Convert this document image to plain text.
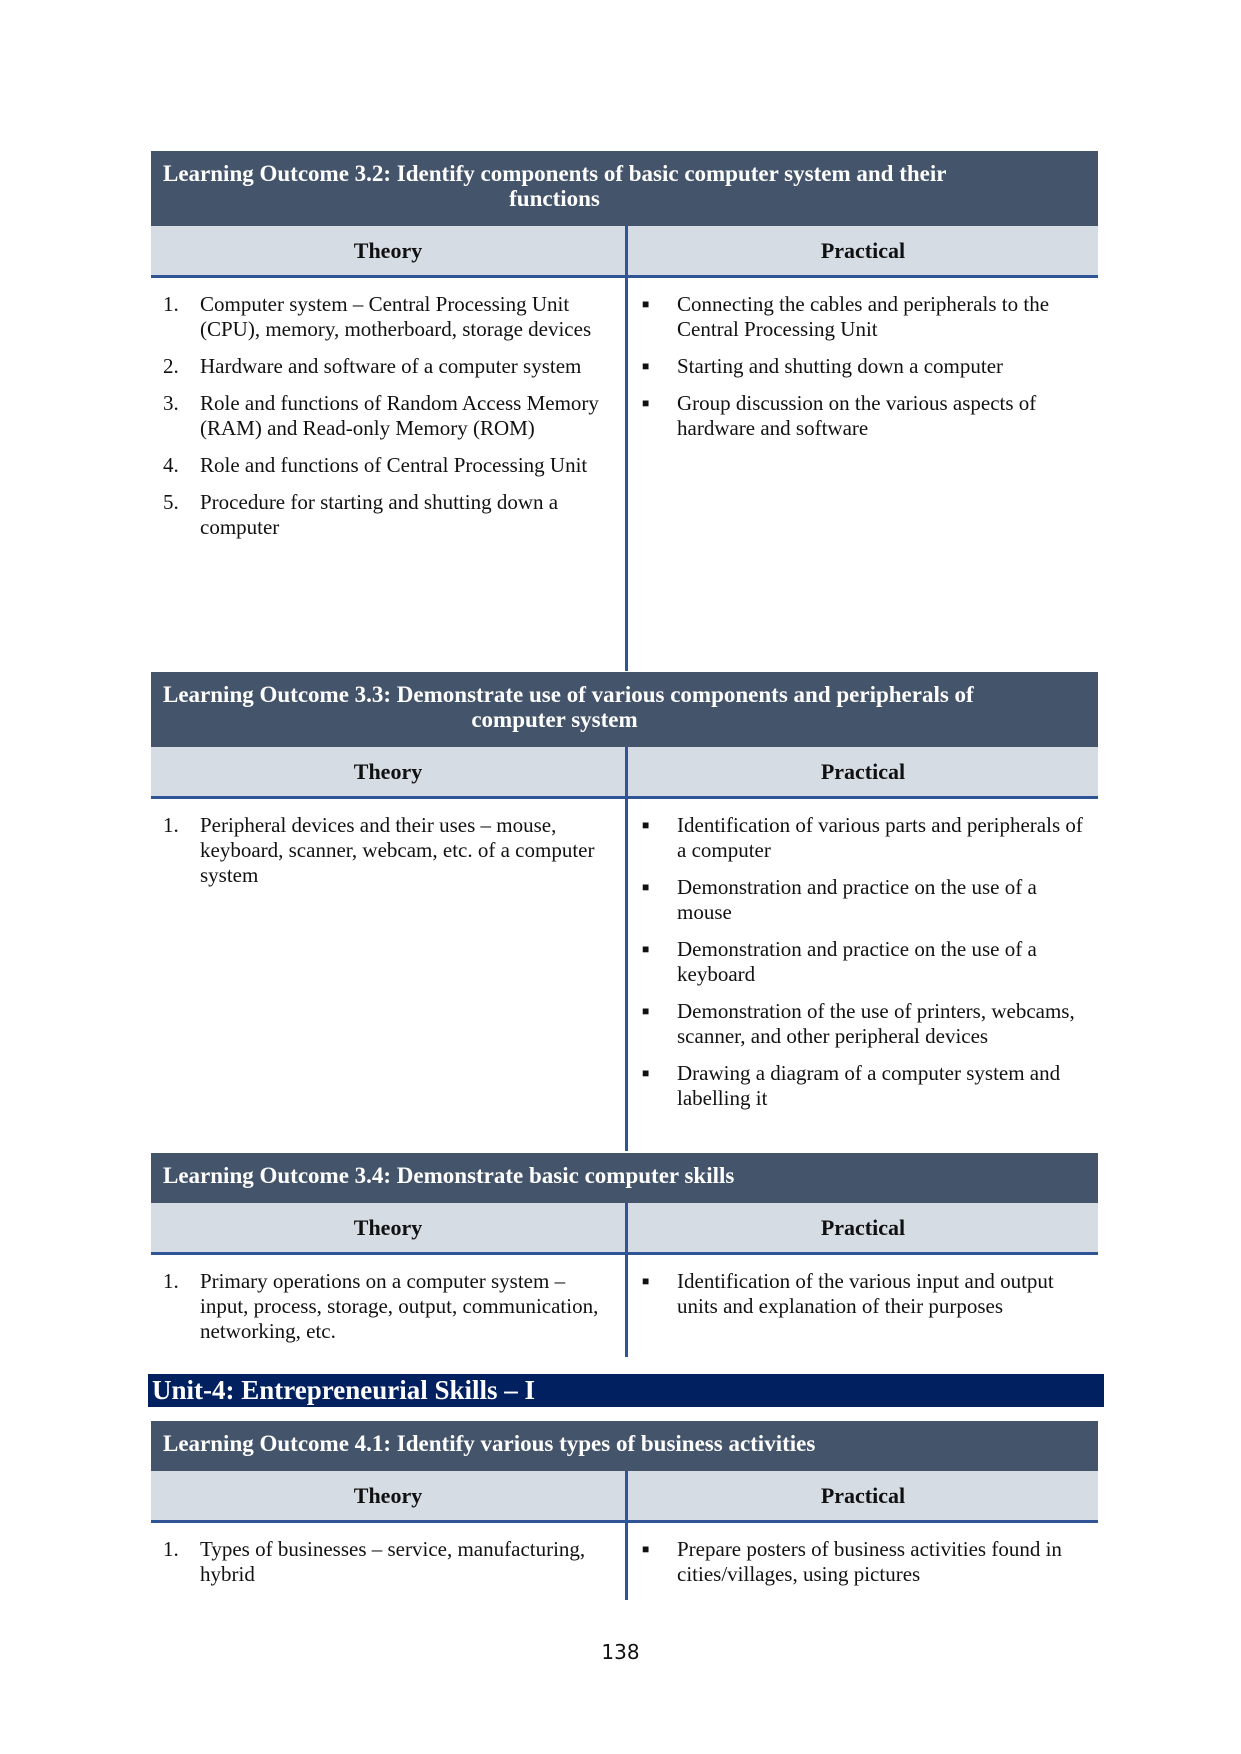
Learning Outcome 3.2: Identify components of basic computer system and their
functions
Theory	Practical
1.	Computer system – Central Processing Unit (CPU), memory, motherboard, storage devices
2.	Hardware and software of a computer system
3.	Role and functions of Random Access Memory (RAM) and Read-only Memory (ROM)
4.	Role and functions of Central Processing Unit
5.	Procedure for starting and shutting down a computer
■	Connecting the cables and peripherals to the Central Processing Unit
■	Starting and shutting down a computer
■	Group discussion on the various aspects of hardware and software
Learning Outcome 3.3: Demonstrate use of various components and peripherals of
computer system
Theory	Practical
1.	Peripheral devices and their uses – mouse, keyboard, scanner, webcam, etc. of a computer system
■	Identification of various parts and peripherals of a computer
■	Demonstration and practice on the use of a mouse
■	Demonstration and practice on the use of a keyboard
■	Demonstration of the use of printers, webcams, scanner, and other peripheral devices
■	Drawing a diagram of a computer system and labelling it
Learning Outcome 3.4: Demonstrate basic computer skills
Theory	Practical
1.	Primary operations on a computer system – input, process, storage, output, communication, networking, etc.
■	Identification of the various input and output units and explanation of their purposes
Unit-4: Entrepreneurial Skills – I
Learning Outcome 4.1: Identify various types of business activities
Theory	Practical
1.	Types of businesses – service, manufacturing, hybrid
■	Prepare posters of business activities found in cities/villages, using pictures
138
